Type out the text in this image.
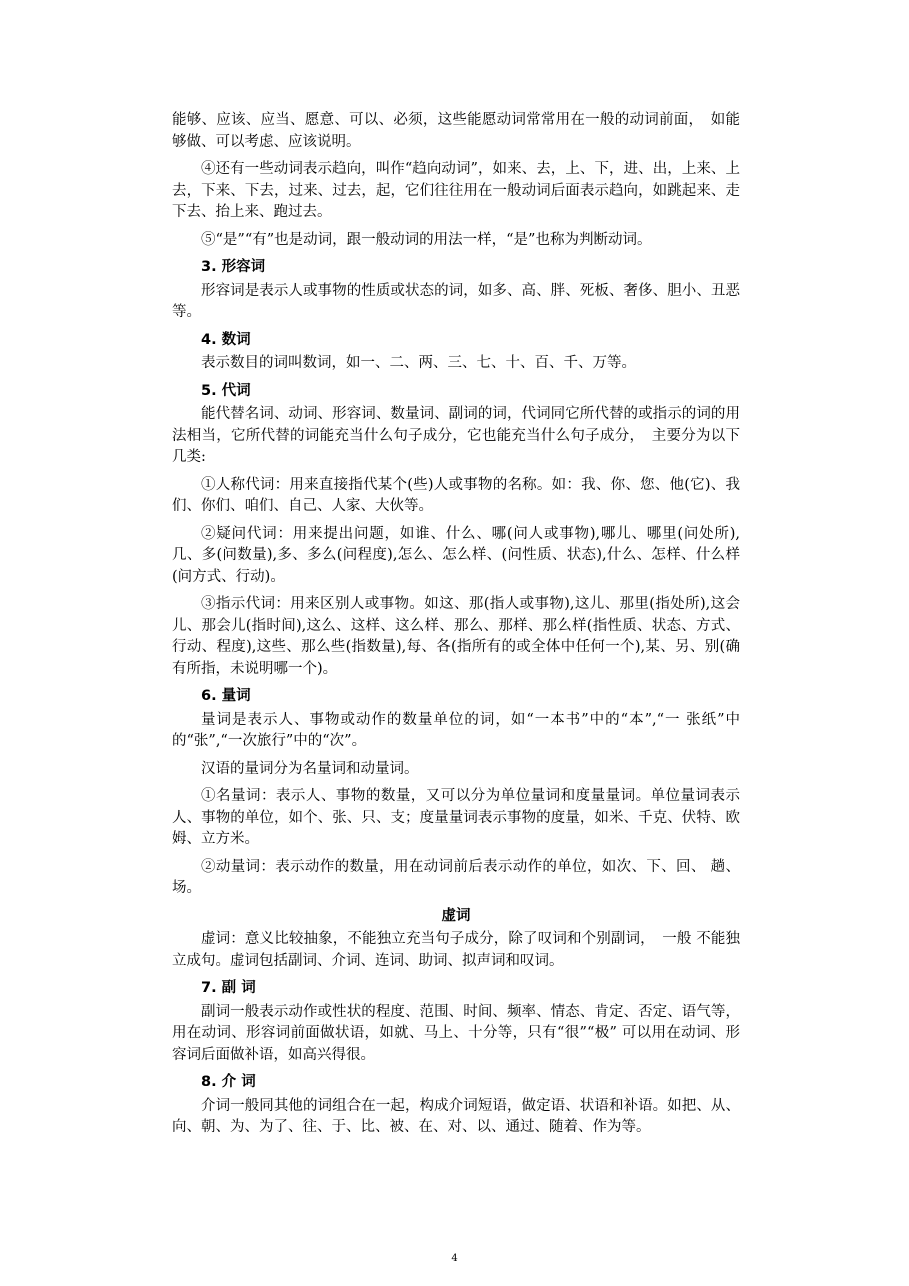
能够、应该、应当、愿意、可以、必须，这些能愿动词常常用在一般的动词前面，　如能够做、可以考虑、应该说明。

④还有一些动词表示趋向，叫作“趋向动词”，如来、去，上、下，进、出，上来、上去，下来、下去，过来、过去，起，它们往往用在一般动词后面表示趋向，如跳起来、走下去、抬上来、跑过去。

⑤“是”“有”也是动词，跟一般动词的用法一样，“是”也称为判断动词。

3. 形容词

形容词是表示人或事物的性质或状态的词，如多、高、胖、死板、奢侈、胆小、丑恶等。

4. 数词

表示数目的词叫数词，如一、二、两、三、七、十、百、千、万等。

5. 代词

能代替名词、动词、形容词、数量词、副词的词，代词同它所代替的或指示的词的用法相当，它所代替的词能充当什么句子成分，它也能充当什么句子成分，　主要分为以下几类:

①人称代词：用来直接指代某个(些)人或事物的名称。如：我、你、您、他(它)、我们、你们、咱们、自己、人家、大伙等。

②疑问代词：用来提出问题，如谁、什么、哪(问人或事物),哪儿、哪里(问处所),几、多(问数量),多、多么(问程度),怎么、怎么样、(问性质、状态),什么、怎样、什么样(问方式、行动)。

③指示代词：用来区别人或事物。如这、那(指人或事物),这儿、那里(指处所),这会儿、那会儿(指时间),这么、这样、这么样、那么、那样、那么样(指性质、状态、方式、行动、程度),这些、那么些(指数量),每、各(指所有的或全体中任何一个),某、另、别(确有所指，未说明哪一个)。

6. 量词

量词是表示人、事物或动作的数量单位的词，如“一本书”中的“本”,“一 张纸”中的“张”,“一次旅行”中的“次”。

汉语的量词分为名量词和动量词。

①名量词：表示人、事物的数量，又可以分为单位量词和度量量词。单位量词表示人、事物的单位，如个、张、只、支；度量量词表示事物的度量，如米、千克、伏特、欧姆、立方米。

②动量词：表示动作的数量，用在动词前后表示动作的单位，如次、下、回、 趟、场。

虚词

虚词：意义比较抽象，不能独立充当句子成分，除了叹词和个别副词，　一般 不能独立成句。虚词包括副词、介词、连词、助词、拟声词和叹词。

7. 副 词

副词一般表示动作或性状的程度、范围、时间、频率、情态、肯定、否定、语气等，用在动词、形容词前面做状语，如就、马上、十分等，只有“很”“极” 可以用在动词、形容词后面做补语，如高兴得很。

8. 介 词

介词一般同其他的词组合在一起，构成介词短语，做定语、状语和补语。如把、从、向、朝、为、为了、往、于、比、被、在、对、以、通过、随着、作为等。

4
